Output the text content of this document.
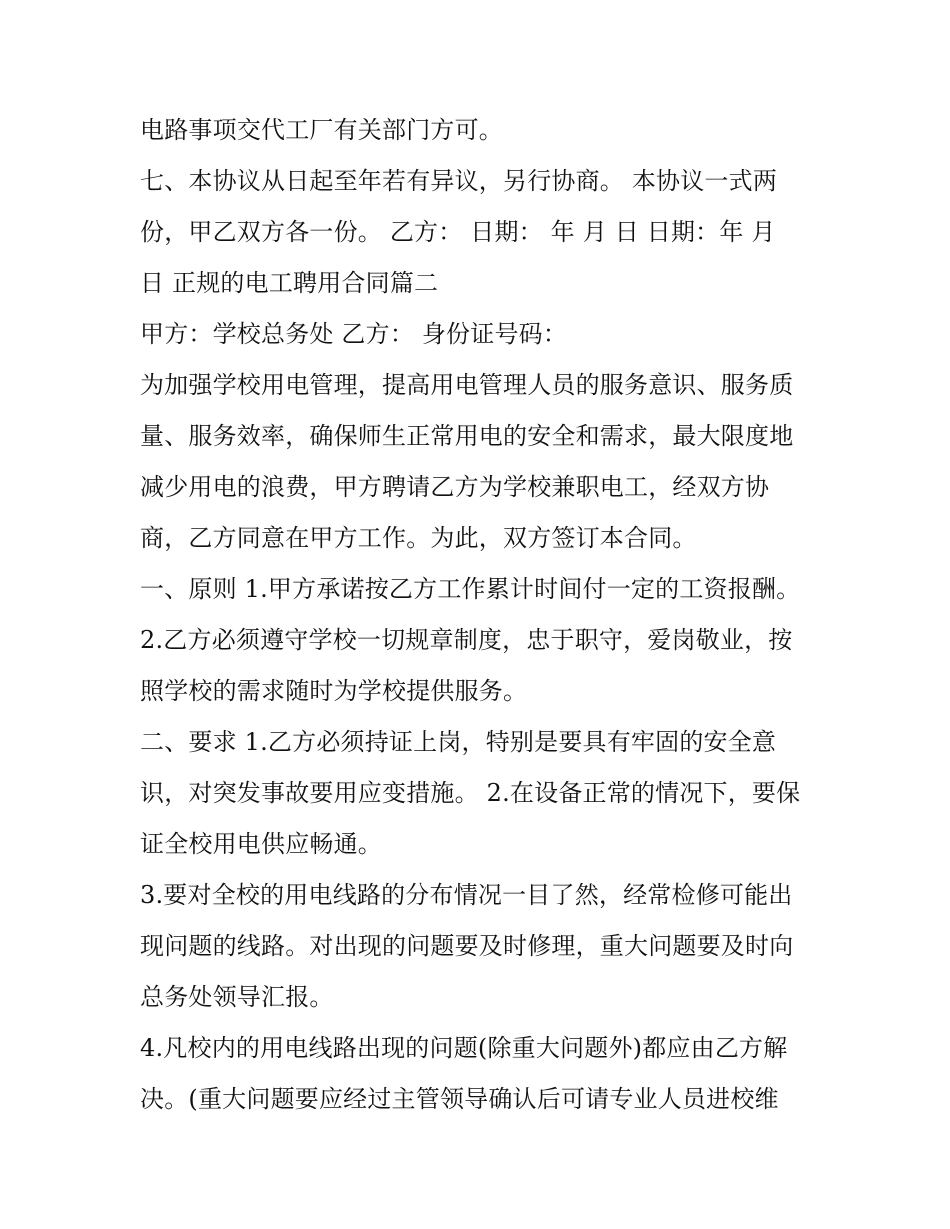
电路事项交代工厂有关部门方可。
七、本协议从日起至年若有异议，另行协商。 本协议一式两
份，甲乙双方各一份。 乙方： 日期： 年 月 日 日期：年 月
日 正规的电工聘用合同篇二
甲方：学校总务处 乙方： 身份证号码：
为加强学校用电管理，提高用电管理人员的服务意识、服务质
量、服务效率，确保师生正常用电的安全和需求，最大限度地
减少用电的浪费，甲方聘请乙方为学校兼职电工，经双方协
商，乙方同意在甲方工作。为此，双方签订本合同。
一、原则 1.甲方承诺按乙方工作累计时间付一定的工资报酬。
2.乙方必须遵守学校一切规章制度，忠于职守，爱岗敬业，按
照学校的需求随时为学校提供服务。
二、要求 1.乙方必须持证上岗，特别是要具有牢固的安全意
识，对突发事故要用应变措施。 2.在设备正常的情况下，要保
证全校用电供应畅通。
3.要对全校的用电线路的分布情况一目了然，经常检修可能出
现问题的线路。对出现的问题要及时修理，重大问题要及时向
总务处领导汇报。
4.凡校内的用电线路出现的问题(除重大问题外)都应由乙方解
决。(重大问题要应经过主管领导确认后可请专业人员进校维
